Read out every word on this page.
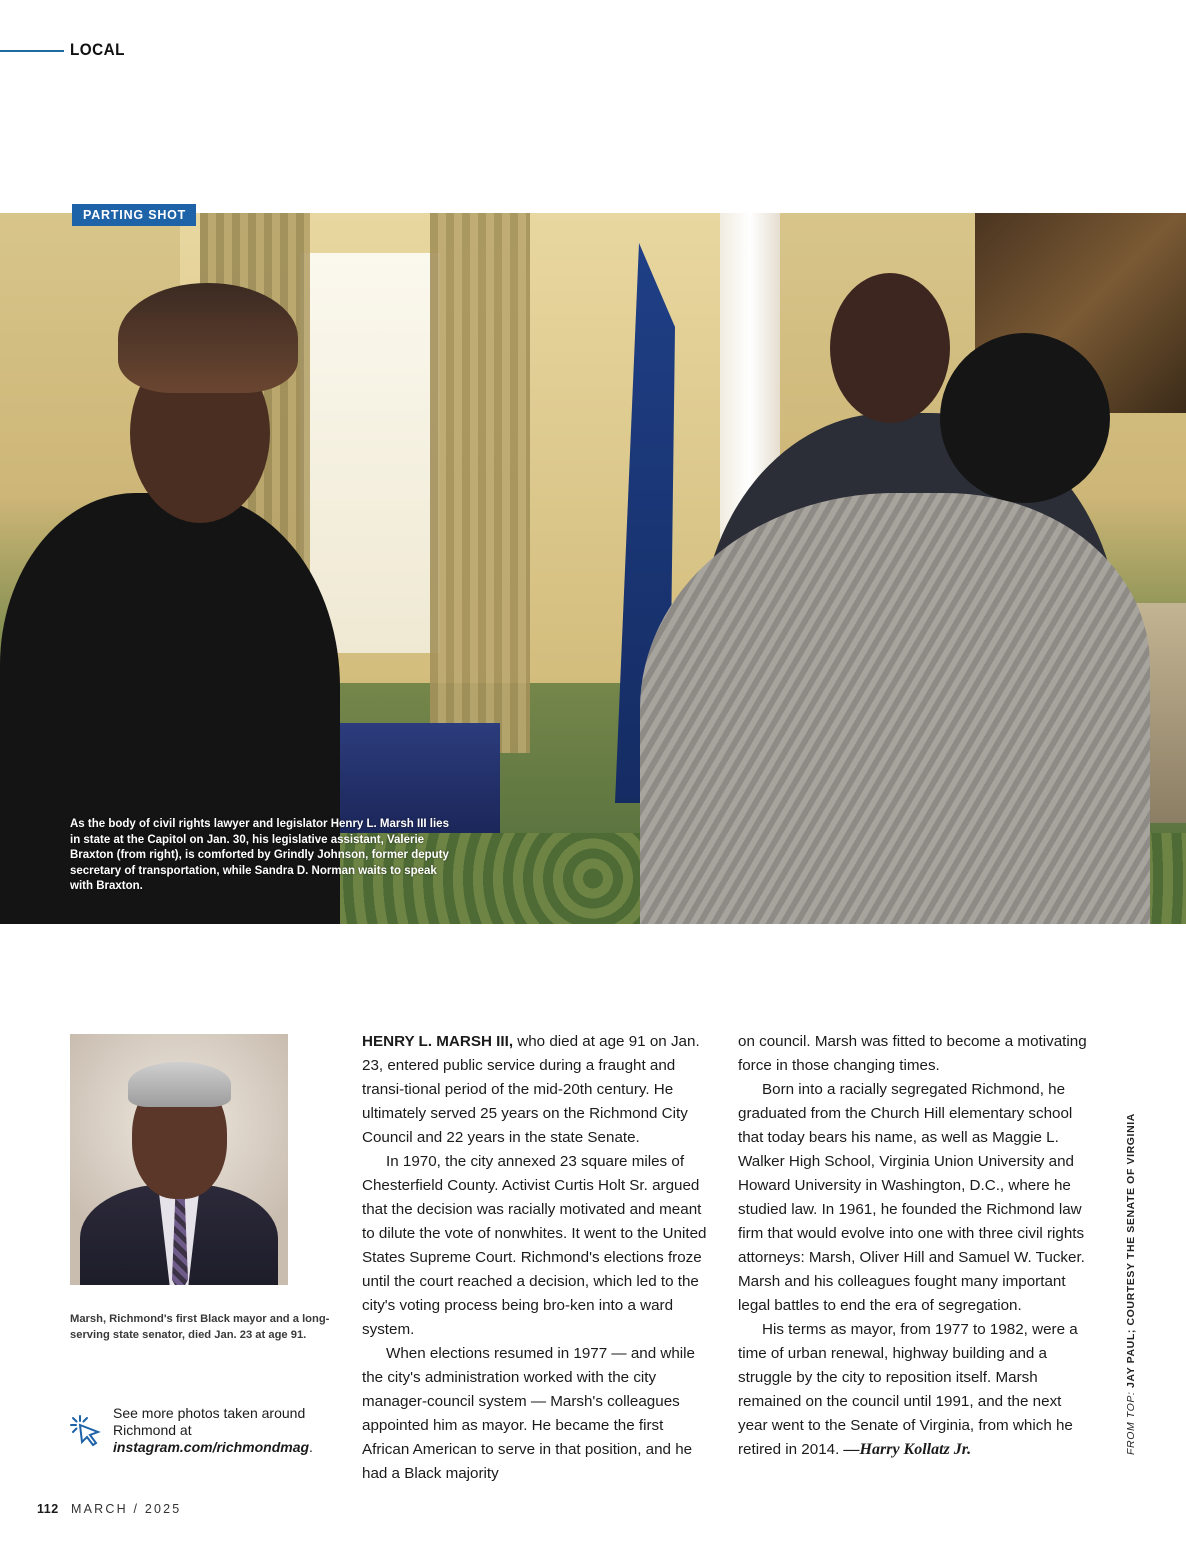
LOCAL
PARTING SHOT
As the body of civil rights lawyer and legislator Henry L. Marsh III lies in state at the Capitol on Jan. 30, his legislative assistant, Valerie Braxton (from right), is comforted by Grindly Johnson, former deputy secretary of transportation, while Sandra D. Norman waits to speak with Braxton.
Marsh, Richmond's first Black mayor and a long-serving state senator, died Jan. 23 at age 91.
See more photos taken around Richmond at instagram.com/richmondmag.

HENRY L. MARSH III, who died at age 91 on Jan. 23, entered public service during a fraught and transi-tional period of the mid-20th century. He ultimately served 25 years on the Richmond City Council and 22 years in the state Senate.

In 1970, the city annexed 23 square miles of Chesterfield County. Activist Curtis Holt Sr. argued that the decision was racially motivated and meant to dilute the vote of nonwhites. It went to the United States Supreme Court. Richmond's elections froze until the court reached a decision, which led to the city's voting process being bro-ken into a ward system.

When elections resumed in 1977 — and while the city's administration worked with the city manager-council system — Marsh's colleagues appointed him as mayor. He became the first African American to serve in that position, and he had a Black majority

on council. Marsh was fitted to become a motivating force in those changing times.

Born into a racially segregated Richmond, he graduated from the Church Hill elementary school that today bears his name, as well as Maggie L. Walker High School, Virginia Union University and Howard University in Washington, D.C., where he studied law. In 1961, he founded the Richmond law firm that would evolve into one with three civil rights attorneys: Marsh, Oliver Hill and Samuel W. Tucker. Marsh and his colleagues fought many important legal battles to end the era of segregation.

His terms as mayor, from 1977 to 1982, were a time of urban renewal, highway building and a struggle by the city to reposition itself. Marsh remained on the council until 1991, and the next year went to the Senate of Virginia, from which he retired in 2014. —Harry Kollatz Jr.	FROM TOP: JAY PAUL; COURTESY THE SENATE OF VIRGINIA
112 MARCH / 2025
